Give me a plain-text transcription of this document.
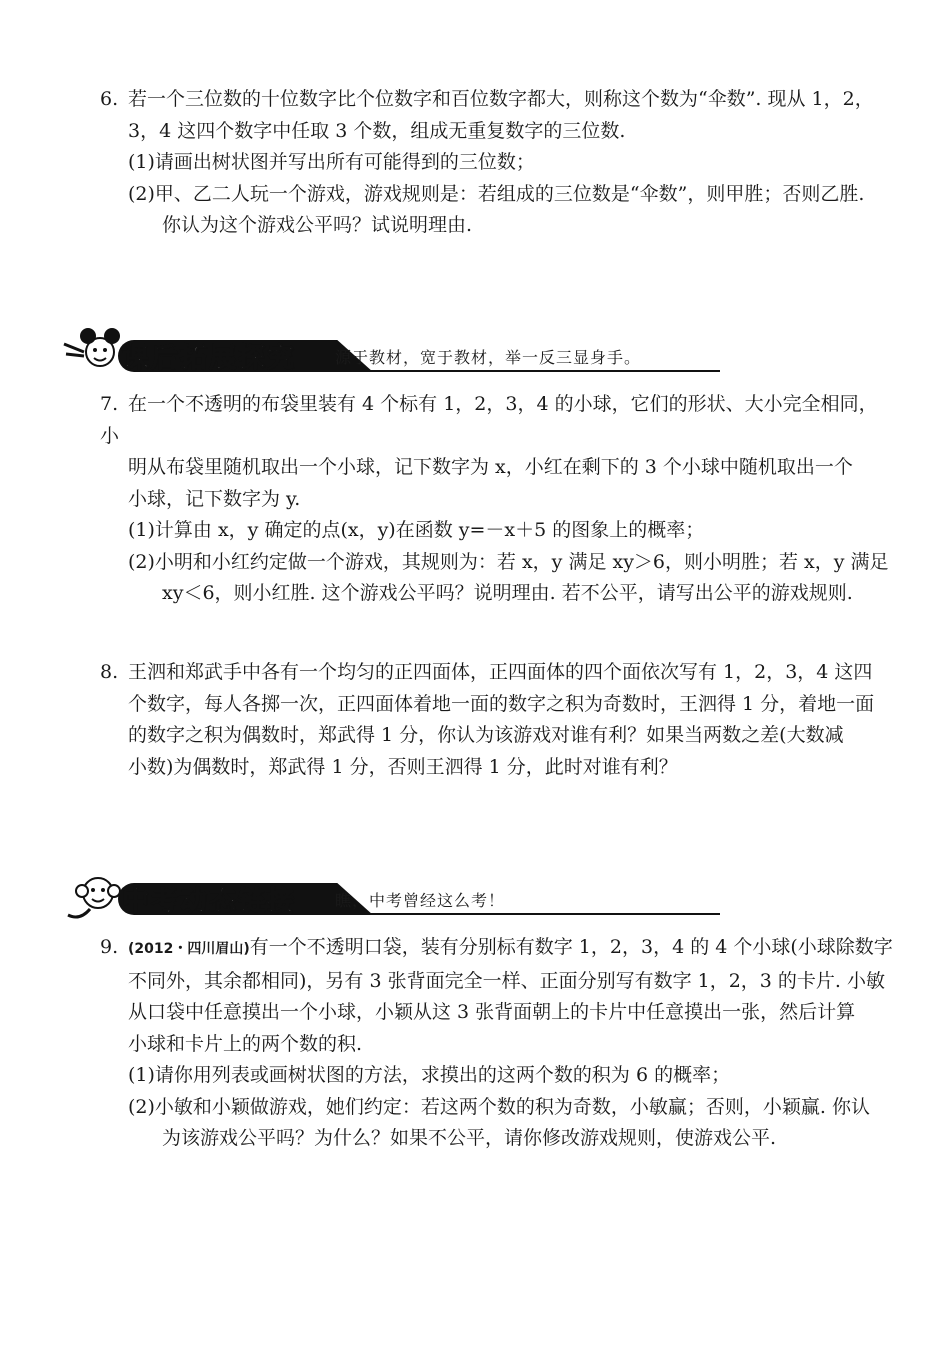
6. 若一个三位数的十位数字比个位数字和百位数字都大，则称这个数为“伞数”. 现从 1，2，

3，4 这四个数字中任取 3 个数，组成无重复数字的三位数.

(1)请画出树状图并写出所有可能得到的三位数；

(2)甲、乙二人玩一个游戏，游戏规则是：若组成的三位数是“伞数”，则甲胜；否则乙胜.

你认为这个游戏公平吗？试说明理由.

课后拓展探究 源于教材，宽于教材，举一反三显身手。

7. 在一个不透明的布袋里装有 4 个标有 1，2，3，4 的小球，它们的形状、大小完全相同，小

明从布袋里随机取出一个小球，记下数字为 x，小红在剩下的 3 个小球中随机取出一个

小球，记下数字为 y.

(1)计算由 x，y 确定的点(x，y)在函数 y=－x＋5 的图象上的概率；

(2)小明和小红约定做一个游戏，其规则为：若 x，y 满足 xy＞6，则小明胜；若 x，y 满足

xy＜6，则小红胜. 这个游戏公平吗？说明理由. 若不公平，请写出公平的游戏规则.

8. 王泗和郑武手中各有一个均匀的正四面体，正四面体的四个面依次写有 1，2，3，4 这四

个数字，每人各掷一次，正四面体着地一面的数字之积为奇数时，王泗得 1 分，着地一面

的数字之积为偶数时，郑武得 1 分，你认为该游戏对谁有利？如果当两数之差(大数减

小数)为偶数时，郑武得 1 分，否则王泗得 1 分，此时对谁有利？

中考动态链接 瞧，中考曾经这么考！

9. (2012・四川眉山)有一个不透明口袋，装有分别标有数字 1，2，3，4 的 4 个小球(小球除数字

不同外，其余都相同)，另有 3 张背面完全一样、正面分别写有数字 1，2，3 的卡片. 小敏

从口袋中任意摸出一个小球，小颖从这 3 张背面朝上的卡片中任意摸出一张，然后计算

小球和卡片上的两个数的积.

(1)请你用列表或画树状图的方法，求摸出的这两个数的积为 6 的概率；

(2)小敏和小颖做游戏，她们约定：若这两个数的积为奇数，小敏赢；否则，小颖赢. 你认

为该游戏公平吗？为什么？如果不公平，请你修改游戏规则，使游戏公平.
